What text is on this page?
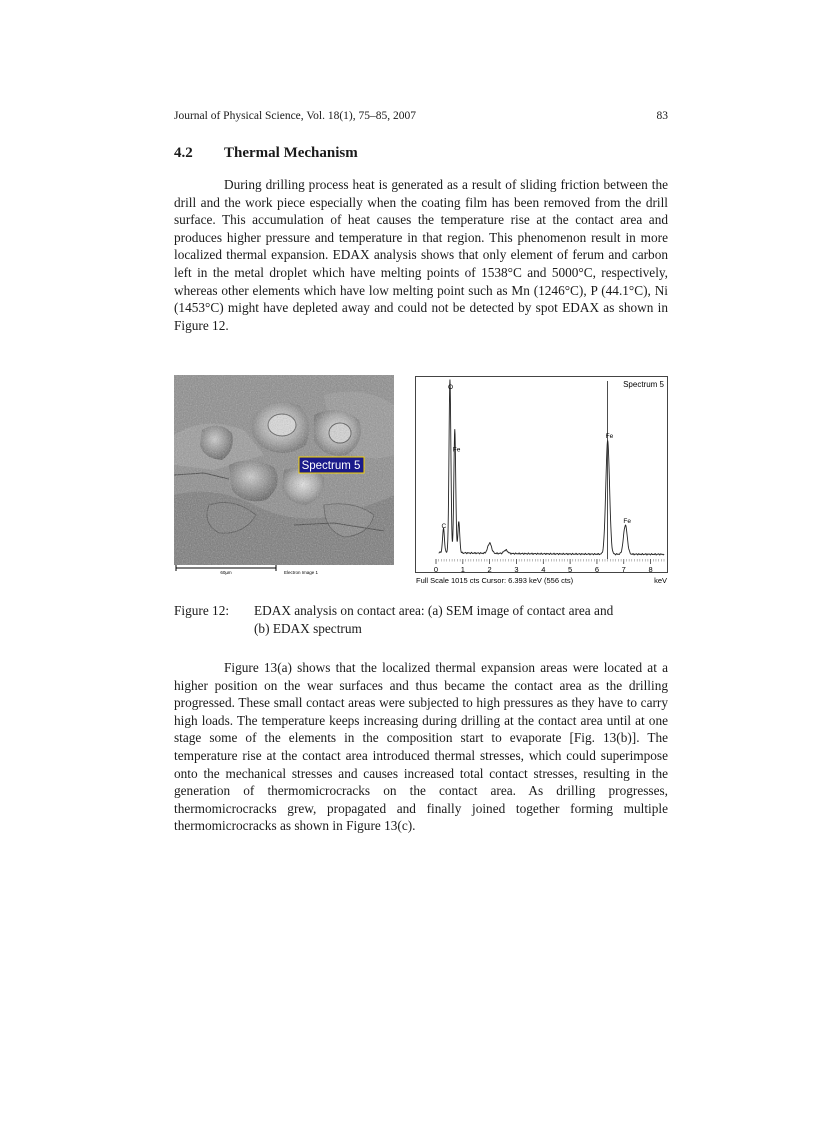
Journal of Physical Science, Vol. 18(1), 75–85, 2007	83
4.2 Thermal Mechanism

During drilling process heat is generated as a result of sliding friction between the drill and the work piece especially when the coating film has been removed from the drill surface. This accumulation of heat causes the temperature rise at the contact area and produces higher pressure and temperature in that region. This phenomenon result in more localized thermal expansion. EDAX analysis shows that only element of ferum and carbon left in the metal droplet which have melting points of 1538°C and 5000°C, respectively, whereas other elements which have low melting point such as Mn (1246°C), P (44.1°C), Ni (1453°C) might have depleted away and could not be detected by spot EDAX as shown in Figure 12.

Spectrum 5
60µm	Electron Image 1
Spectrum 5
0	1	2	3	4	5	6	7	8
C
O
Fe
Fe
Fe
Full Scale 1015 cts Cursor: 6.393 keV (556 cts)	keV
Figure 12: EDAX analysis on contact area: (a) SEM image of contact area and
(b) EDAX spectrum

Figure 13(a) shows that the localized thermal expansion areas were located at a higher position on the wear surfaces and thus became the contact area as the drilling progressed. These small contact areas were subjected to high pressures as they have to carry high loads. The temperature keeps increasing during drilling at the contact area until at one stage some of the elements in the composition start to evaporate [Fig. 13(b)]. The temperature rise at the contact area introduced thermal stresses, which could superimpose onto the mechanical stresses and causes increased total contact stresses, resulting in the generation of thermomicrocracks on the contact area. As drilling progresses, thermomicrocracks grew, propagated and finally joined together forming multiple thermomicrocracks as shown in Figure 13(c).
